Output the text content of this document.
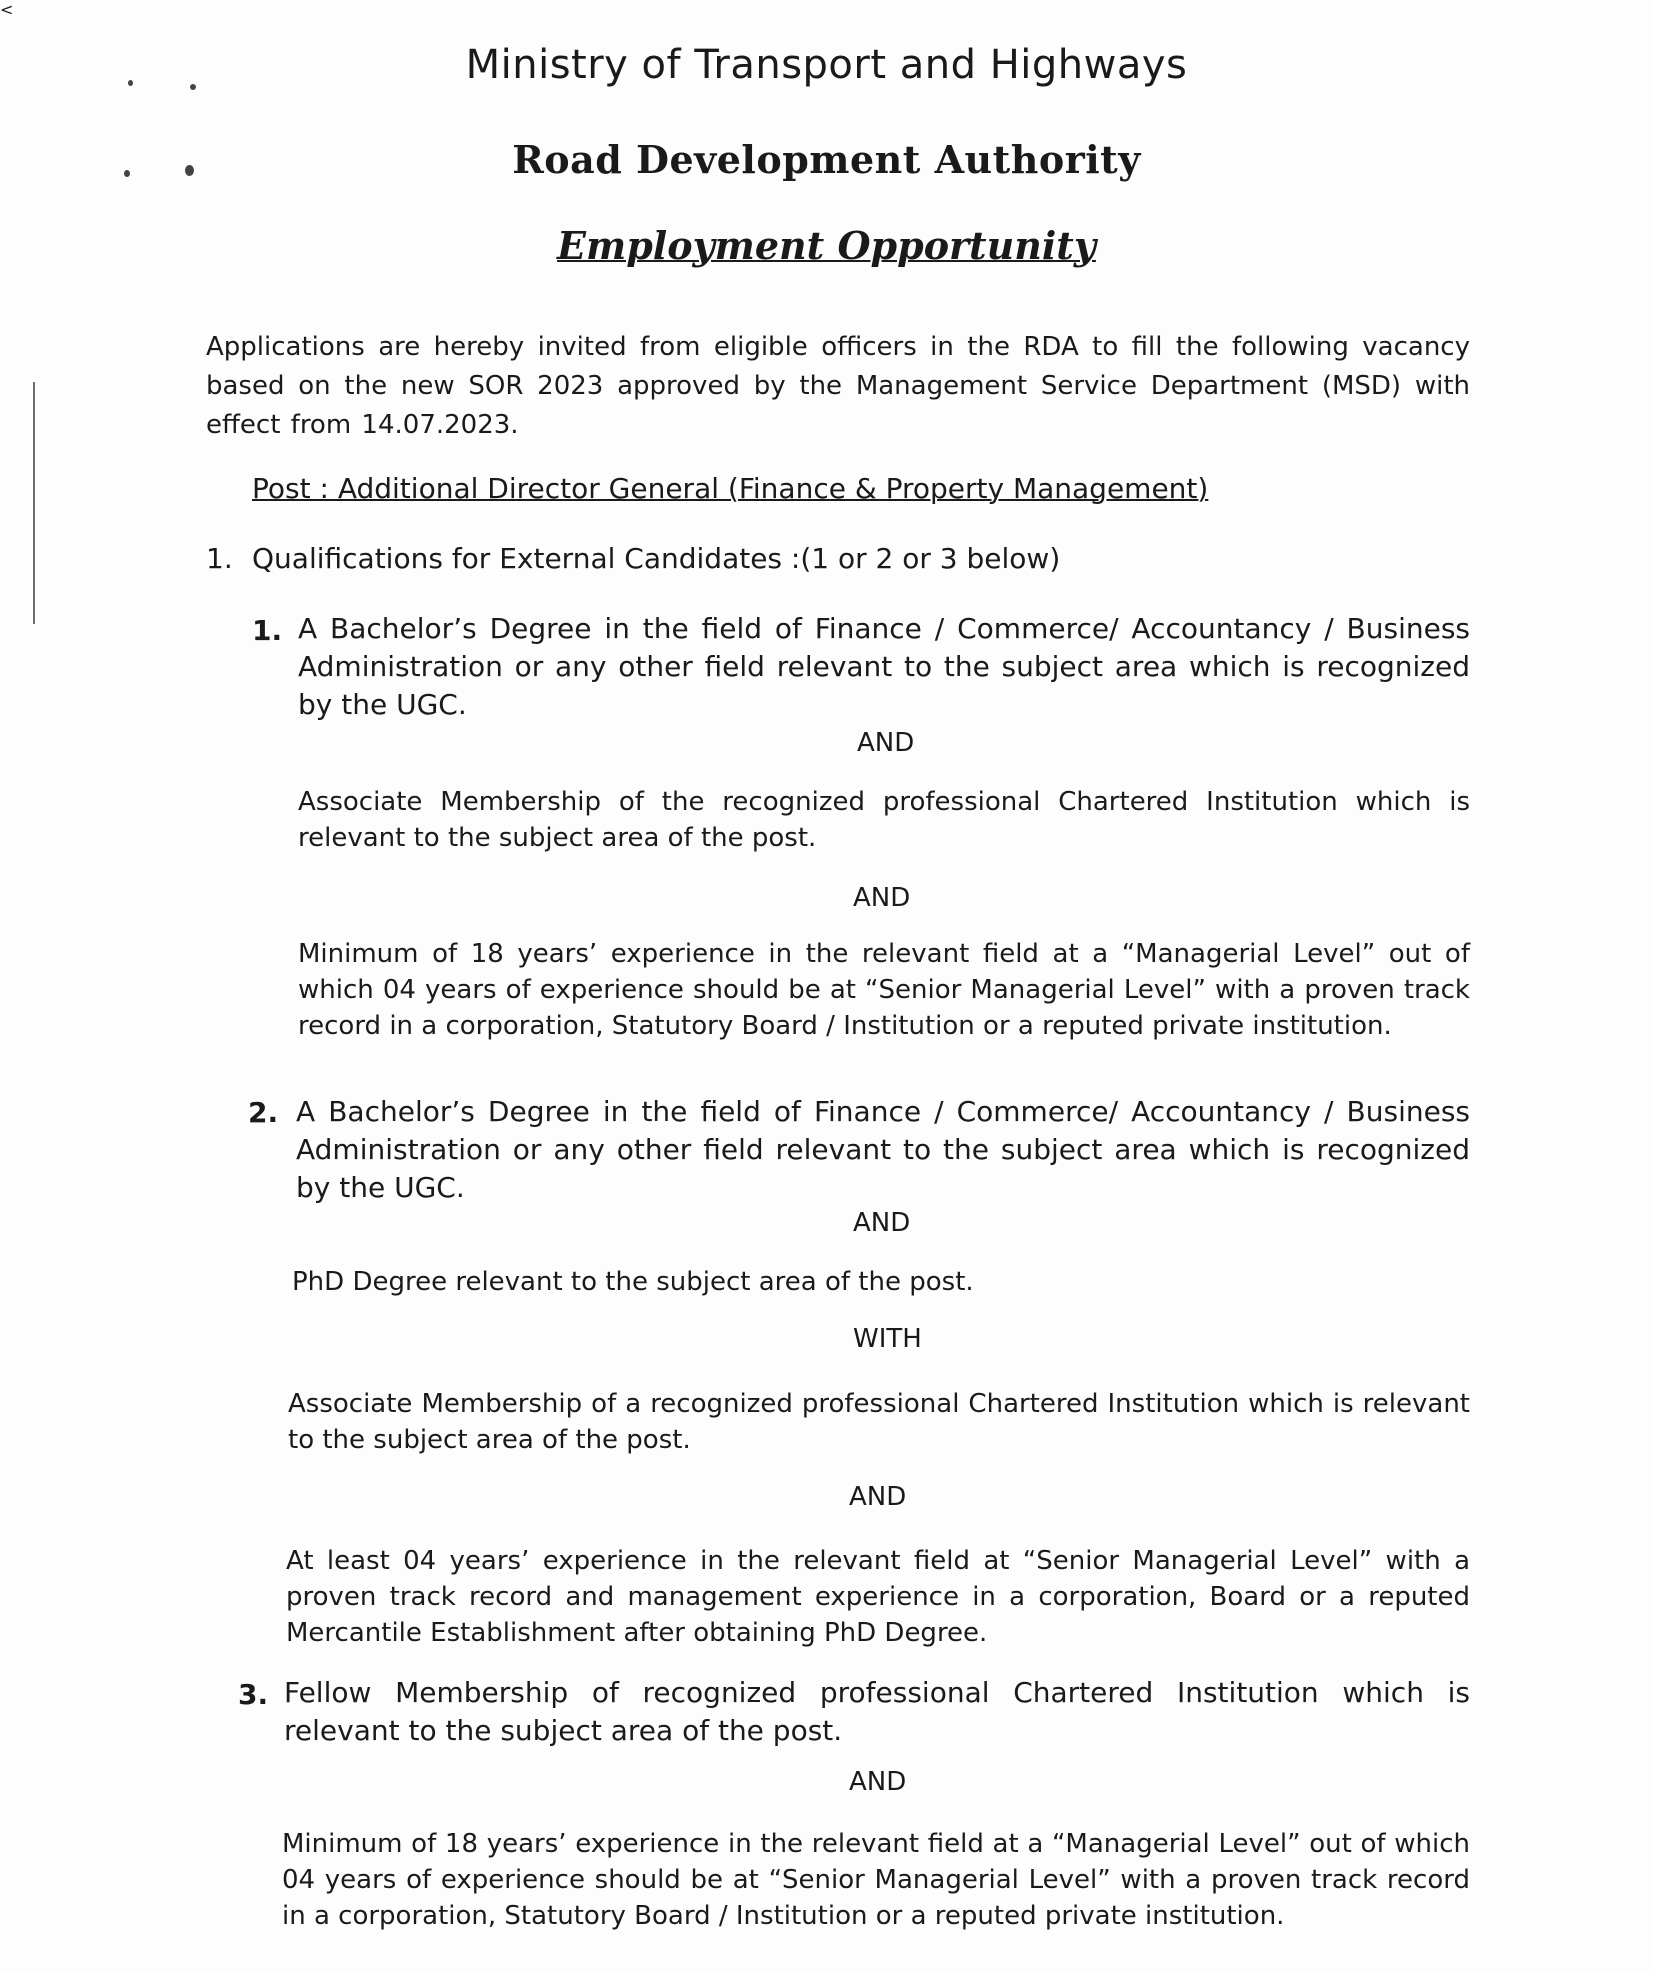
Ministry of Transport and Highways
Road Development Authority
Employment Opportunity
Applications are hereby invited from eligible officers in the RDA to fill the following vacancy based on the new SOR 2023 approved by the Management Service Department (MSD) with effect from 14.07.2023.
Post : Additional Director General (Finance & Property Management)
1. Qualifications for External Candidates :(1 or 2 or 3 below)
1. A Bachelor’s Degree in the field of Finance / Commerce/ Accountancy / Business Administration or any other field relevant to the subject area which is recognized by the UGC.
AND
Associate Membership of the recognized professional Chartered Institution which is relevant to the subject area of the post.
AND
Minimum of 18 years’ experience in the relevant field at a “Managerial Level” out of which 04 years of experience should be at “Senior Managerial Level” with a proven track record in a corporation, Statutory Board / Institution or a reputed private institution.
<
2. A Bachelor’s Degree in the field of Finance / Commerce/ Accountancy / Business Administration or any other field relevant to the subject area which is recognized by the UGC.
AND
PhD Degree relevant to the subject area of the post.
WITH
Associate Membership of a recognized professional Chartered Institution which is relevant to the subject area of the post.
AND
At least 04 years’ experience in the relevant field at “Senior Managerial Level” with a proven track record and management experience in a corporation, Board or a reputed Mercantile Establishment after obtaining PhD Degree.
3. Fellow Membership of recognized professional Chartered Institution which is relevant to the subject area of the post.
AND
Minimum of 18 years’ experience in the relevant field at a “Managerial Level” out of which 04 years of experience should be at “Senior Managerial Level” with a proven track record in a corporation, Statutory Board / Institution or a reputed private institution.
